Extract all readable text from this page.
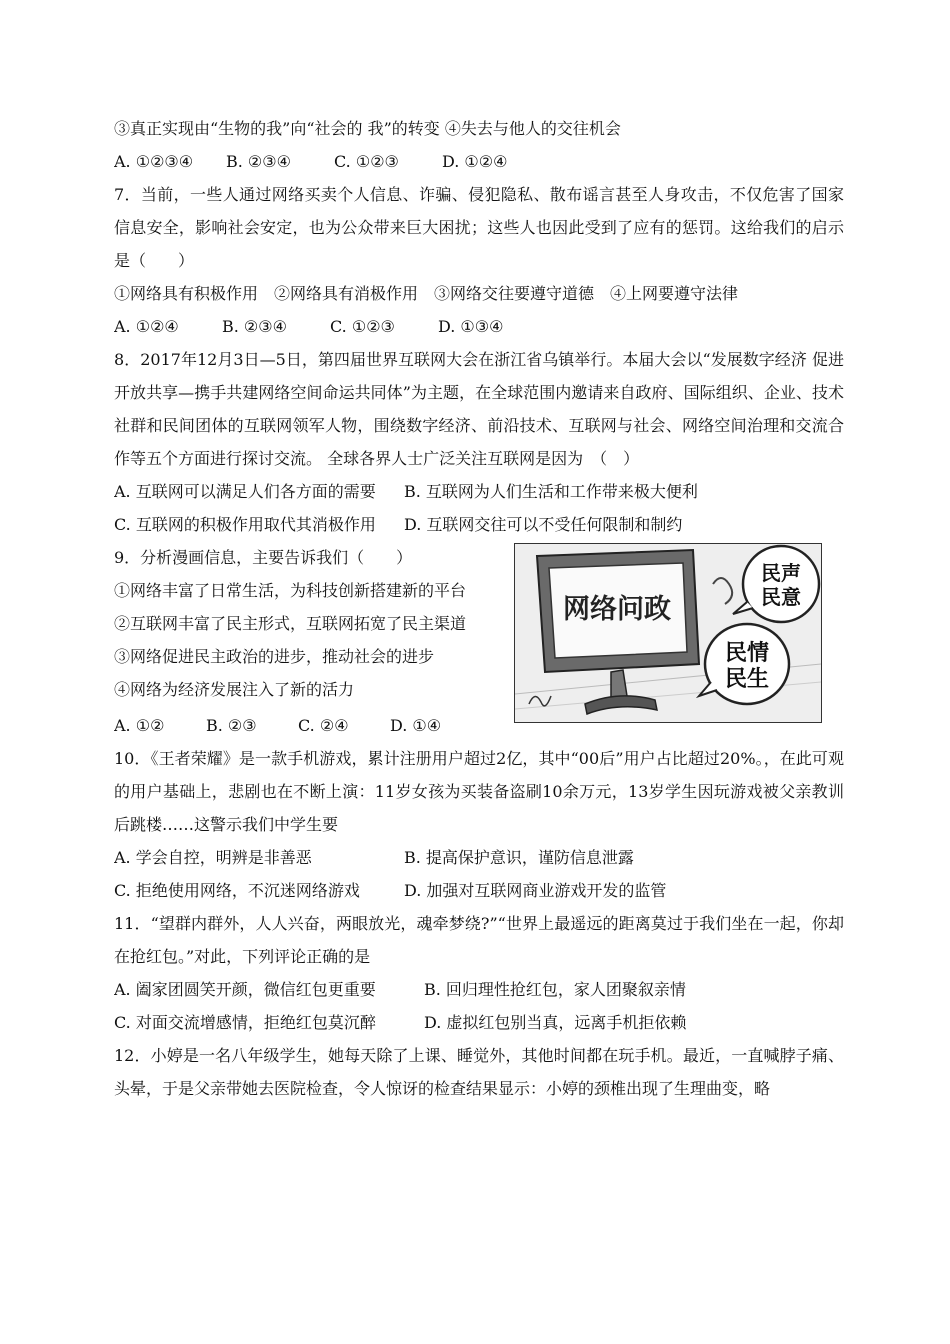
③真正实现由“生物的我”向“社会的 我”的转变 ④失去与他人的交往机会
A. ①②③④	B. ②③④	C. ①②③	D. ①②④
7．当前，一些人通过网络买卖个人信息、诈骗、侵犯隐私、散布谣言甚至人身攻击，不仅危害了国家信息安全，影响社会安定，也为公众带来巨大困扰；这些人也因此受到了应有的惩罚。这给我们的启示是（　　）
①网络具有积极作用　②网络具有消极作用　③网络交往要遵守道德　④上网要遵守法律
A. ①②④	B. ②③④	C. ①②③	D. ①③④
8．2017年12月3日—5日，第四届世界互联网大会在浙江省乌镇举行。本届大会以“发展数字经济 促进开放共享—携手共建网络空间命运共同体”为主题，在全球范围内邀请来自政府、国际组织、企业、技术社群和民间团体的互联网领军人物，围绕数字经济、前沿技术、互联网与社会、网络空间治理和交流合作等五个方面进行探讨交流。 全球各界人士广泛关注互联网是因为　（　）
A. 互联网可以满足人们各方面的需要	B. 互联网为人们生活和工作带来极大便利
C. 互联网的积极作用取代其消极作用	D. 互联网交往可以不受任何限制和制约
9．分析漫画信息，主要告诉我们（　　）
①网络丰富了日常生活，为科技创新搭建新的平台
②互联网丰富了民主形式，互联网拓宽了民主渠道
③网络促进民主政治的进步，推动社会的进步
④网络为经济发展注入了新的活力
网络问政
民声
民意
民情
民生
A. ①②	B. ②③	C. ②④	D. ①④
10．《王者荣耀》是一款手机游戏，累计注册用户超过2亿，其中“00后”用户占比超过20%。，在此可观的用户基础上，悲剧也在不断上演：11岁女孩为买装备盗刷10余万元，13岁学生因玩游戏被父亲教训后跳楼……这警示我们中学生要
A. 学会自控，明辨是非善恶	B. 提高保护意识，谨防信息泄露
C. 拒绝使用网络，不沉迷网络游戏	D. 加强对互联网商业游戏开发的监管
11．“望群内群外，人人兴奋，两眼放光，魂牵梦绕?”“世界上最遥远的距离莫过于我们坐在一起，你却在抢红包。”对此，下列评论正确的是
A. 阖家团圆笑开颜，微信红包更重要	B. 回归理性抢红包，家人团聚叙亲情
C. 对面交流增感情，拒绝红包莫沉醉	D. 虚拟红包别当真，远离手机拒依赖
12．小婷是一名八年级学生，她每天除了上课、睡觉外，其他时间都在玩手机。最近，一直喊脖子痛、头晕，于是父亲带她去医院检查，令人惊讶的检查结果显示：小婷的颈椎出现了生理曲变，略
